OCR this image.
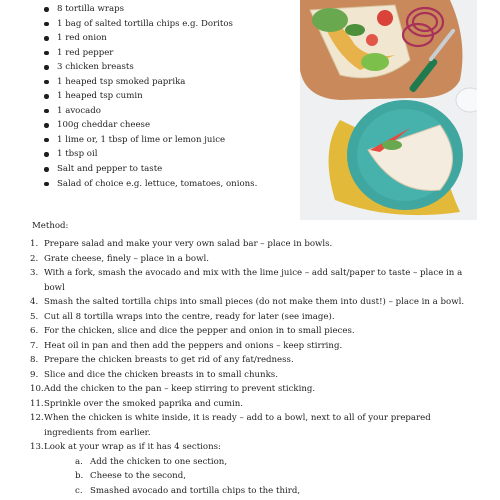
8 tortilla wraps
1 bag of salted tortilla chips e.g. Doritos
1 red onion
1 red pepper
3 chicken breasts
1 heaped tsp smoked paprika
1 heaped tsp cumin
1 avocado
100g cheddar cheese
1 lime or, 1 tbsp of lime or lemon juice
1 tbsp oil
Salt and pepper to taste
Salad of choice e.g. lettuce, tomatoes, onions.
Method:
1. Prepare salad and make your very own salad bar – place in bowls.
2. Grate cheese, finely – place in a bowl.
3. With a fork, smash the avocado and mix with the lime juice – add salt/paper to taste – place in a bowl
4. Smash the salted tortilla chips into small pieces (do not make them into dust!) – place in a bowl.
5. Cut all 8 tortilla wraps into the centre, ready for later (see image).
6. For the chicken, slice and dice the pepper and onion in to small pieces.
7. Heat oil in pan and then add the peppers and onions – keep stirring.
8. Prepare the chicken breasts to get rid of any fat/redness.
9. Slice and dice the chicken breasts in to small chunks.
10. Add the chicken to the pan – keep stirring to prevent sticking.
11. Sprinkle over the smoked paprika and cumin.
12. When the chicken is white inside, it is ready – add to a bowl, next to all of your prepared ingredients from earlier.
13. Look at your wrap as if it has 4 sections:
a. Add the chicken to one section,
b. Cheese to the second,
c. Smashed avocado and tortilla chips to the third,
